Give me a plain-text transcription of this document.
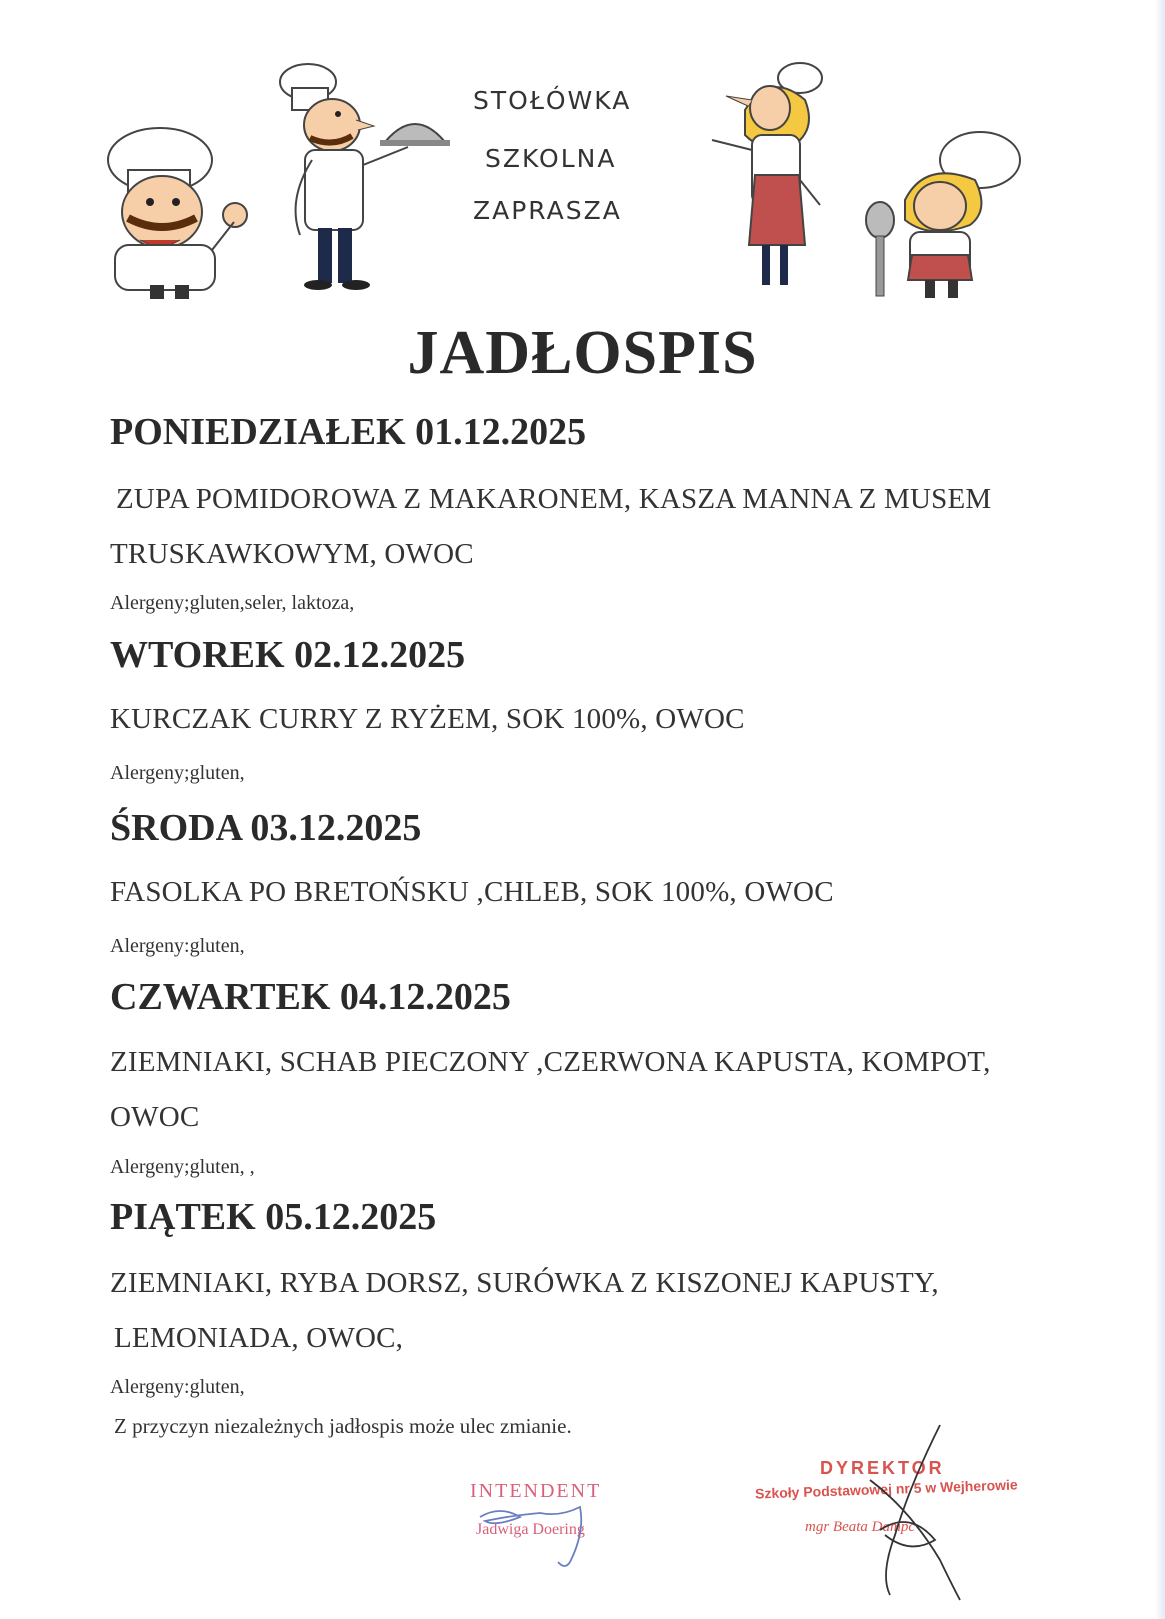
STOŁÓWKA
SZKOLNA
ZAPRASZA
JADŁOSPIS
PONIEDZIAŁEK 01.12.2025
ZUPA POMIDOROWA Z MAKARONEM, KASZA MANNA Z MUSEM
TRUSKAWKOWYM, OWOC
Alergeny;gluten,seler, laktoza,
WTOREK 02.12.2025
KURCZAK CURRY Z RYŻEM, SOK 100%, OWOC
Alergeny;gluten,
ŚRODA 03.12.2025
FASOLKA PO BRETOŃSKU ,CHLEB, SOK 100%, OWOC
Alergeny:gluten,
CZWARTEK 04.12.2025
ZIEMNIAKI, SCHAB PIECZONY ,CZERWONA KAPUSTA, KOMPOT,
OWOC
Alergeny;gluten, ,
PIĄTEK 05.12.2025
ZIEMNIAKI, RYBA DORSZ, SURÓWKA Z KISZONEJ KAPUSTY,
LEMONIADA, OWOC,
Alergeny:gluten,
Z przyczyn niezależnych jadłospis może ulec zmianie.
INTENDENT
Jadwiga Doering
DYREKTOR
Szkoły Podstawowej nr 5 w Wejherowie
mgr Beata Dampc
